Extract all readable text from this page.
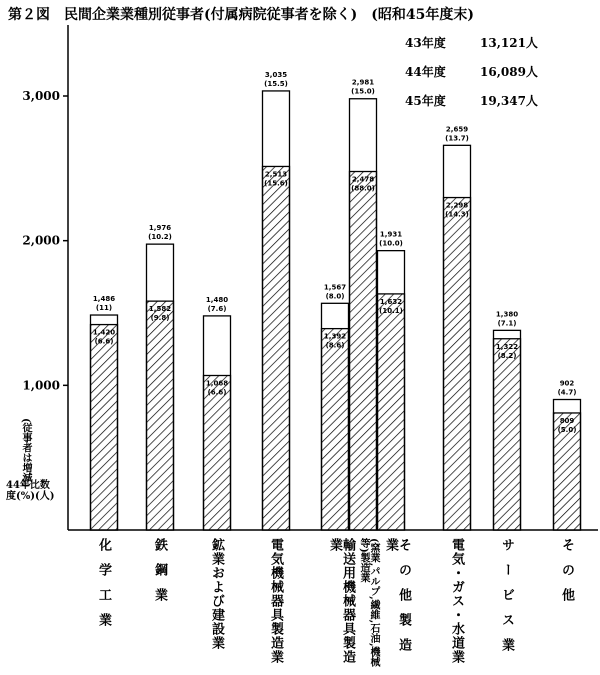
第２図　民間企業業種別従事者(付属病院従事者を除く)　(昭和45年度末)
43年度	13,121人
44年度	16,089人
45年度	19,347人
(従事者は増減)
44年比数
度(%)(人)
1,000
2,000
3,000
1,486
(11)
1,420
(6.6)
1,976
(10.2)
1,582
(9.8)
1,480
(7.6)
1,068
(6.6)
3,035
(15.5)
2,513
(15.6)
1,567
(8.0)
1,392
(8.6)
2,981
(15.0)
2,478
(88.0)
1,931
(10.0)
1,632
(10.1)
2,659
(13.7)
2,298
(14.3)
1,380
(7.1)
1,322
(8.2)
902
(4.7)
809
(5.0)
化学工業	鉄鋼業	鉱業および建設業	電気機械器具製造業	輸送用機械器具製造業	(窯業,パルプ,繊維,石油,機械等)製造業	その他製造業	電気・ガス・水道業	サービス業	その他
